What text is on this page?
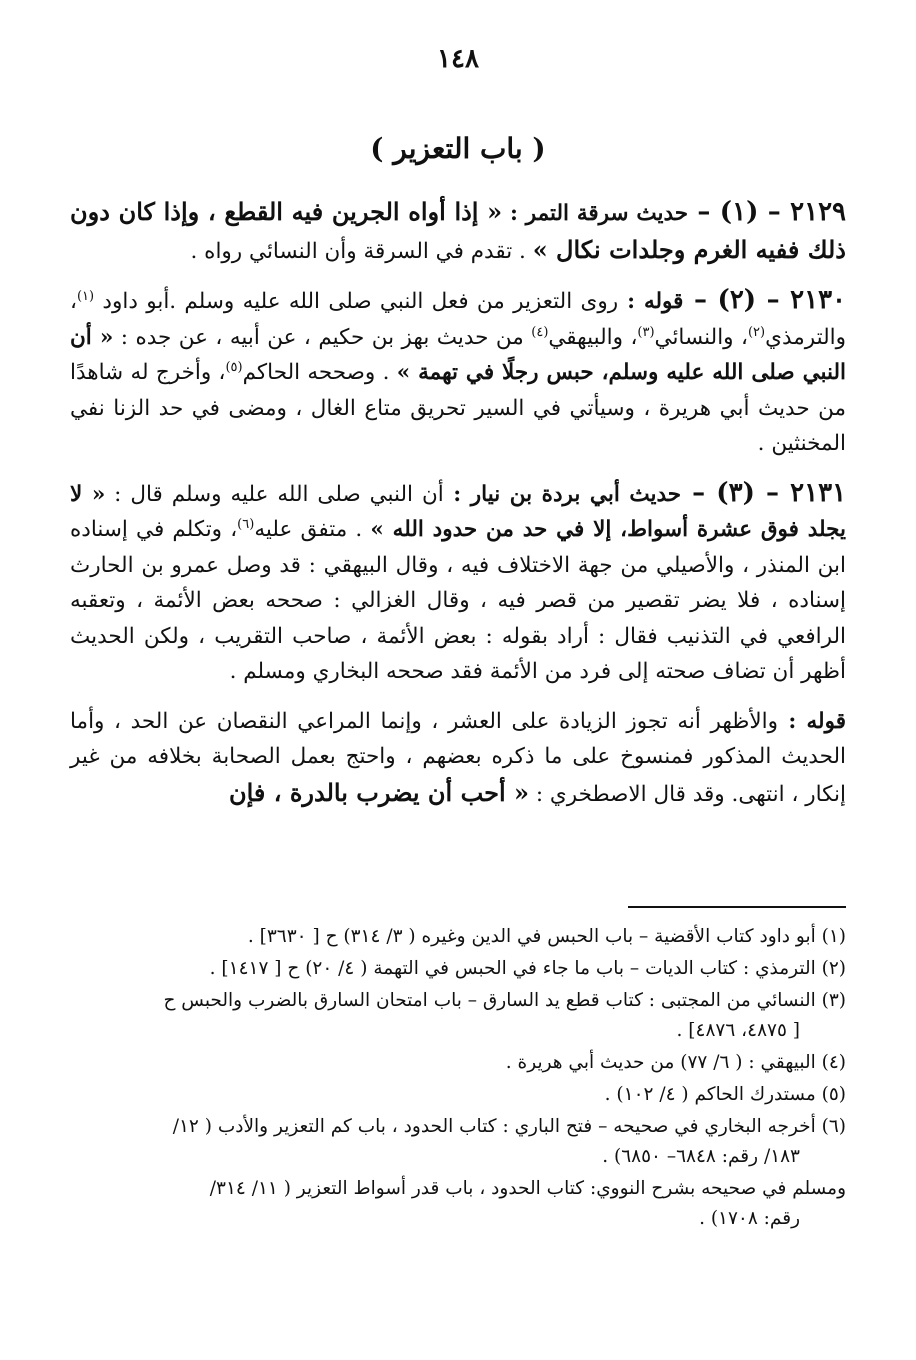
١٤٨
( باب التعزير )

٢١٢٩ – (١) – حديث سرقة التمر : « إذا أواه الجرين فيه القطع ، وإذا كان دون ذلك ففيه الغرم وجلدات نكال » . تقدم في السرقة وأن النسائي رواه .

٢١٣٠ – (٢) – قوله : روى التعزير من فعل النبي صلى الله عليه وسلم .أبو داود $^{(١)}$، والترمذي$^{(٢)}$، والنسائي$^{(٣)}$، والبيهقي$^{(٤)}$ من حديث بهز بن حكيم ، عن أبيه ، عن جده : « أن النبي صلى الله عليه وسلم، حبس رجلًا في تهمة » . وصححه الحاكم$^{(٥)}$، وأخرج له شاهدًا من حديث أبي هريرة ، وسيأتي في السير تحريق متاع الغال ، ومضى في حد الزنا نفي المخنثين .

٢١٣١ – (٣) – حديث أبي بردة بن نيار : أن النبي صلى الله عليه وسلم قال : « لا يجلد فوق عشرة أسواط، إلا في حد من حدود الله » . متفق عليه$^{(٦)}$، وتكلم في إسناده ابن المنذر ، والأصيلي من جهة الاختلاف فيه ، وقال البيهقي : قد وصل عمرو بن الحارث إسناده ، فلا يضر تقصير من قصر فيه ، وقال الغزالي : صححه بعض الأئمة ، وتعقبه الرافعي في التذنيب فقال : أراد بقوله : بعض الأئمة ، صاحب التقريب ، ولكن الحديث أظهر أن تضاف صحته إلى فرد من الأئمة فقد صححه البخاري ومسلم .

قوله : والأظهر أنه تجوز الزيادة على العشر ، وإنما المراعي النقصان عن الحد ، وأما الحديث المذكور فمنسوخ على ما ذكره بعضهم ، واحتج بعمل الصحابة بخلافه من غير إنكار ، انتهى. وقد قال الاصطخري : « أحب أن يضرب بالدرة ، فإن

(١) أبو داود كتاب الأقضية – باب الحبس في الدين وغيره ( ٣/ ٣١٤) ح [ ٣٦٣٠] .

(٢) الترمذي : كتاب الديات – باب ما جاء في الحبس في التهمة ( ٤/ ٢٠) ح [ ١٤١٧] .

(٣) النسائي من المجتبى : كتاب قطع يد السارق – باب امتحان السارق بالضرب والحبس ح
[ ٤٨٧٥، ٤٨٧٦] .

(٤) البيهقي : ( ٦/ ٧٧) من حديث أبي هريرة .

(٥) مستدرك الحاكم ( ٤/ ١٠٢) .

(٦) أخرجه البخاري في صحيحه – فتح الباري : كتاب الحدود ، باب كم التعزير والأدب ( ١٢/
١٨٣/ رقم: ٦٨٤٨– ٦٨٥٠) .

ومسلم في صحيحه بشرح النووي: كتاب الحدود ، باب قدر أسواط التعزير ( ١١/ ٣١٤/
رقم: ١٧٠٨) .
